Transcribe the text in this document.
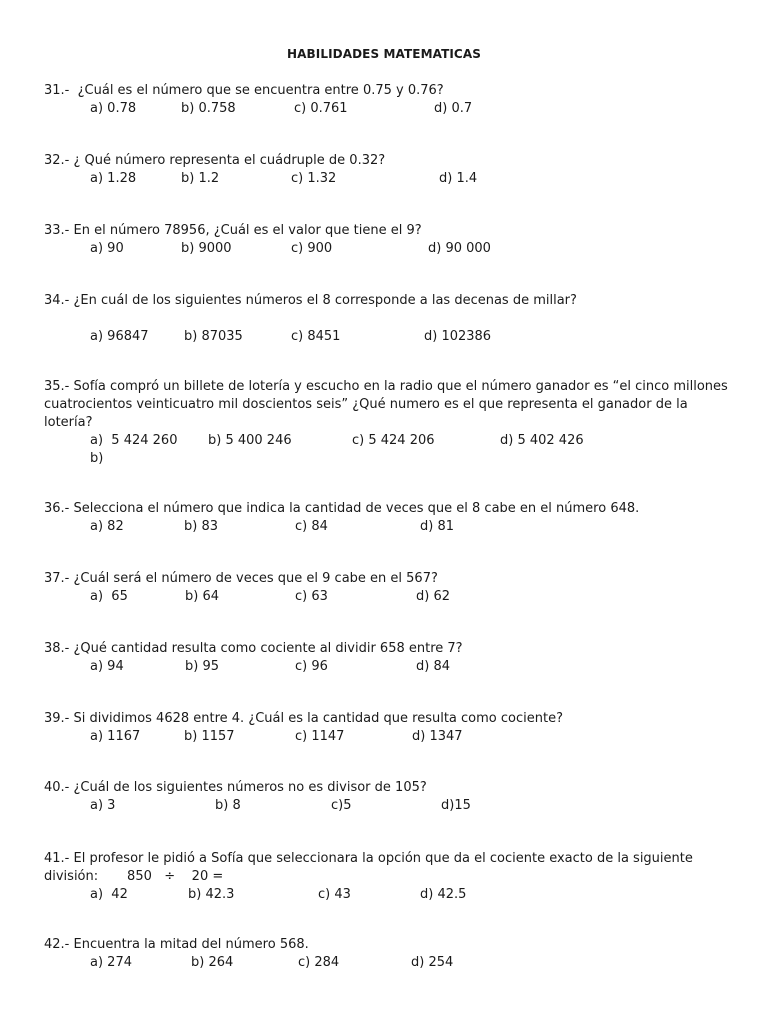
HABILIDADES MATEMATICAS
31.-  ¿Cuál es el número que se encuentra entre 0.75 y 0.76?
a) 0.78	b) 0.758	c) 0.761	d) 0.7
32.- ¿ Qué número representa el cuádruple de 0.32?
a) 1.28	b) 1.2	c) 1.32	d) 1.4
33.- En el número 78956, ¿Cuál es el valor que tiene el 9?
a) 90	b) 9000	c) 900	d) 90 000
34.- ¿En cuál de los siguientes números el 8 corresponde a las decenas de millar?
a) 96847	b) 87035	c) 8451	d) 102386
35.- Sofía compró un billete de lotería y escucho en la radio que el número ganador es “el cinco millones cuatrocientos veinticuatro mil doscientos seis” ¿Qué numero es el que representa el ganador de la lotería?
a)  5 424 260 b) 5 400 246	c) 5 424 206	d) 5 402 426
b)
36.- Selecciona el número que indica la cantidad de veces que el 8 cabe en el número 648.
a) 82	b) 83	c) 84	d) 81
37.- ¿Cuál será el número de veces que el 9 cabe en el 567?
a)  65	b) 64	c) 63	d) 62
38.- ¿Qué cantidad resulta como cociente al dividir 658 entre 7?
a) 94	b) 95	c) 96	d) 84
39.- Si dividimos 4628 entre 4. ¿Cuál es la cantidad que resulta como cociente?
a) 1167	b) 1157	c) 1147	d) 1347
40.- ¿Cuál de los siguientes números no es divisor de 105?
a) 3	b) 8	c)5	d)15
41.- El profesor le pidió a Sofía que seleccionara la opción que da el cociente exacto de la siguiente división:       850   ÷    20 =
a)  42	b) 42.3	c) 43	d) 42.5
42.- Encuentra la mitad del número 568.
a) 274	b) 264	c) 284	d) 254
